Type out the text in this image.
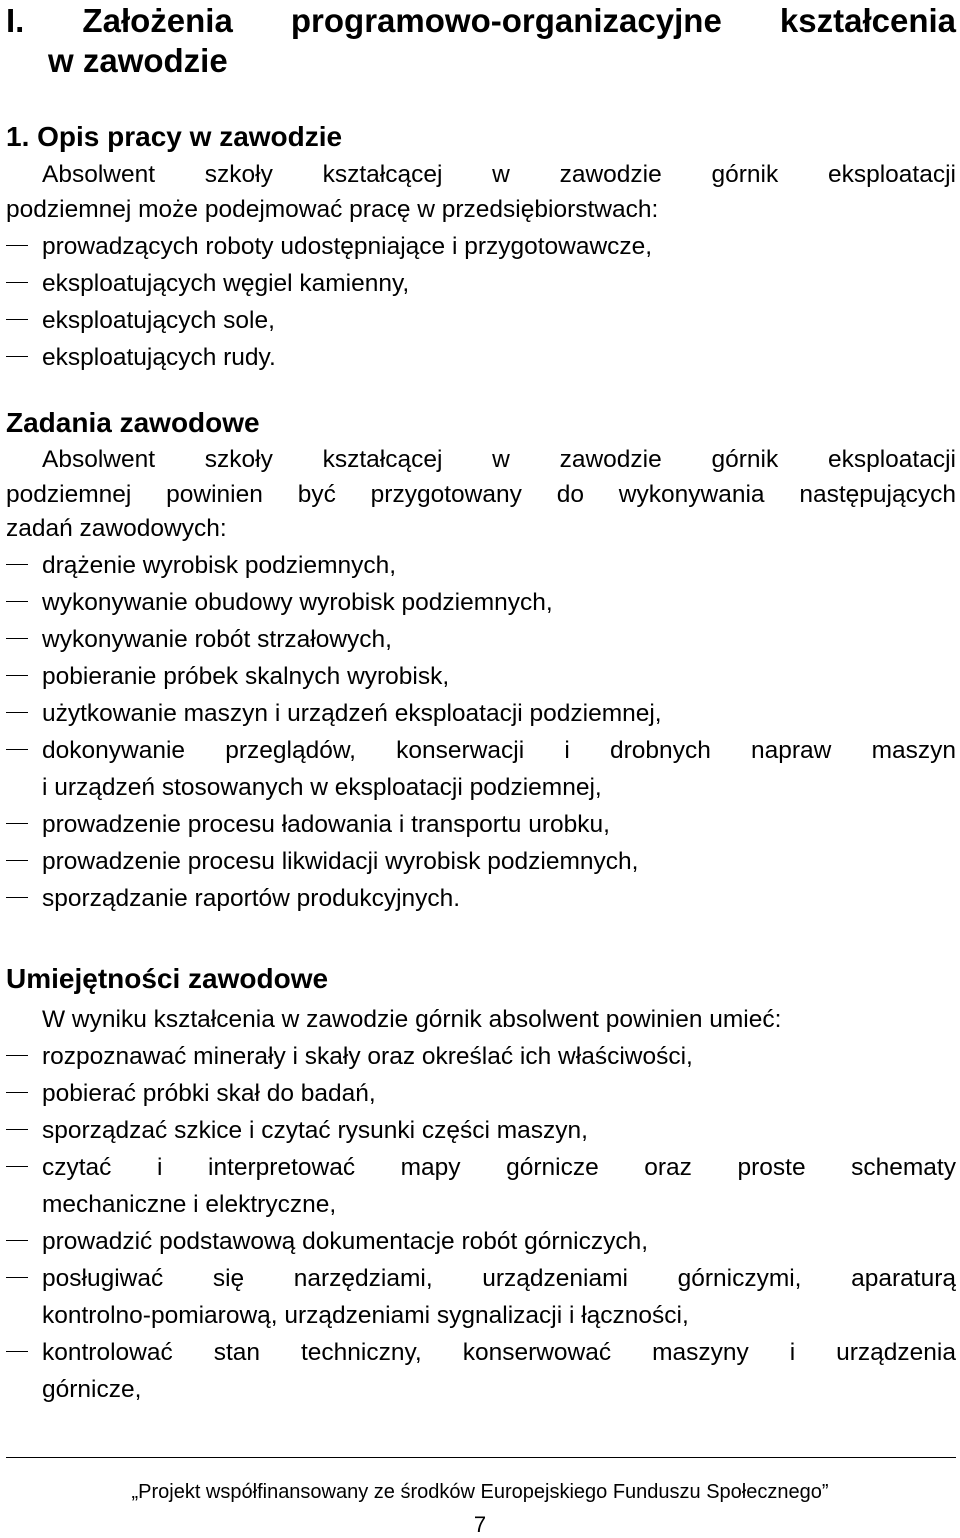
I. Założenia programowo-organizacyjne kształcenia
w zawodzie
1. Opis pracy w zawodzie
Absolwent szkoły kształcącej w zawodzie górnik eksploatacji
podziemnej może podejmować pracę w przedsiębiorstwach:
prowadzących roboty udostępniające i przygotowawcze,
eksploatujących węgiel kamienny,
eksploatujących sole,
eksploatujących rudy.
Zadania zawodowe
Absolwent szkoły kształcącej w zawodzie górnik eksploatacji
podziemnej powinien być przygotowany do wykonywania następujących
zadań zawodowych:
drążenie wyrobisk podziemnych,
wykonywanie obudowy wyrobisk podziemnych,
wykonywanie robót strzałowych,
pobieranie próbek skalnych wyrobisk,
użytkowanie maszyn i urządzeń eksploatacji podziemnej,
dokonywanie przeglądów, konserwacji i drobnych napraw maszyn
i urządzeń stosowanych w eksploatacji podziemnej,
prowadzenie procesu ładowania i transportu urobku,
prowadzenie procesu likwidacji wyrobisk podziemnych,
sporządzanie raportów produkcyjnych.
Umiejętności zawodowe
W wyniku kształcenia w zawodzie górnik absolwent powinien umieć:
rozpoznawać minerały i skały oraz określać ich właściwości,
pobierać próbki skał do badań,
sporządzać szkice i czytać rysunki części maszyn,
czytać i interpretować mapy górnicze oraz proste schematy
mechaniczne i elektryczne,
prowadzić podstawową dokumentacje robót górniczych,
posługiwać się narzędziami, urządzeniami górniczymi, aparaturą
kontrolno-pomiarową, urządzeniami sygnalizacji i łączności,
kontrolować stan techniczny, konserwować maszyny i urządzenia
górnicze,
„Projekt współfinansowany ze środków Europejskiego Funduszu Społecznego”
7
